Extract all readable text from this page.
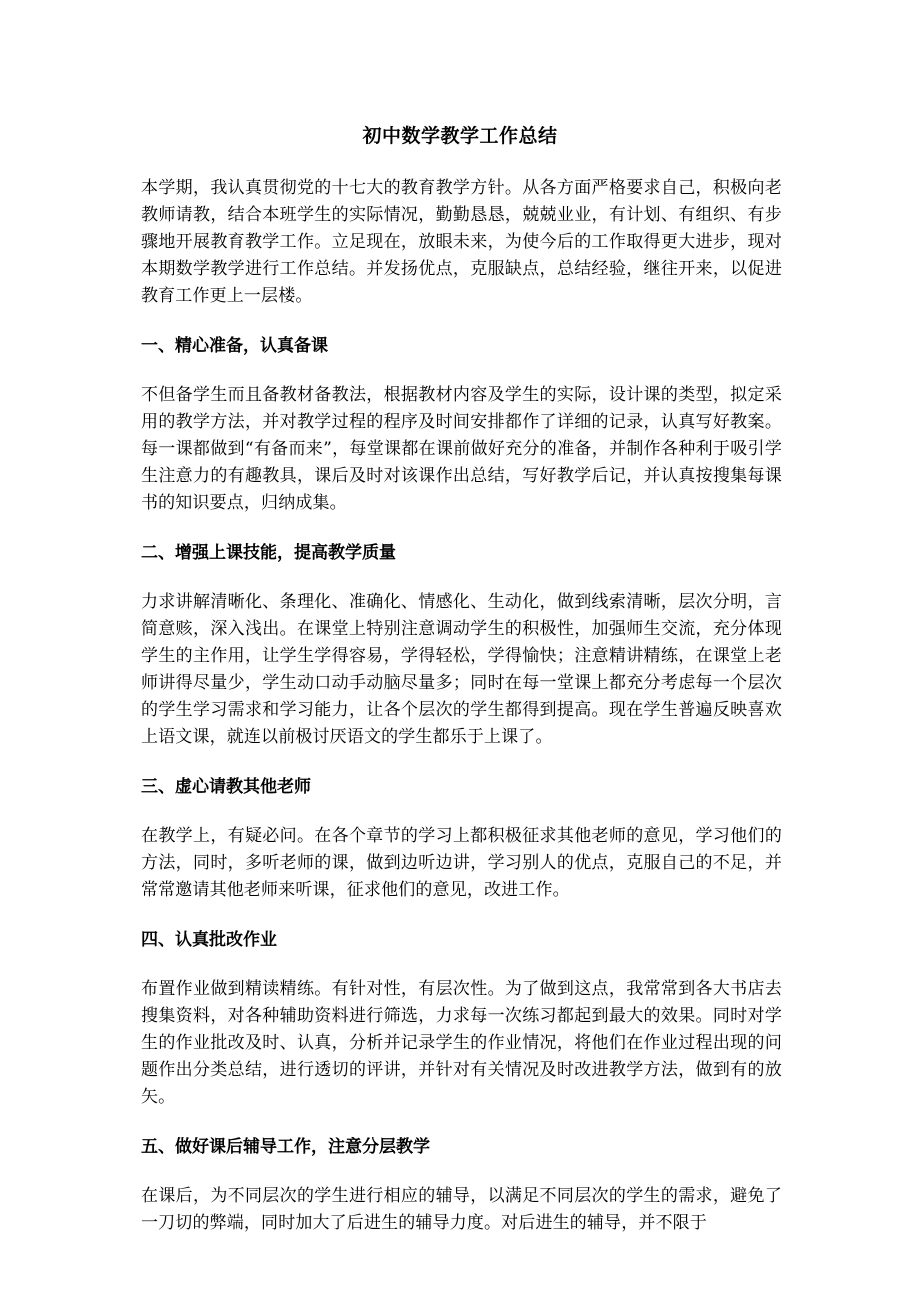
初中数学教学工作总结

本学期，我认真贯彻党的十七大的教育教学方针。从各方面严格要求自己，积极向老教师请教，结合本班学生的实际情况，勤勤恳恳，兢兢业业，有计划、有组织、有步骤地开展教育教学工作。立足现在，放眼未来，为使今后的工作取得更大进步，现对本期数学教学进行工作总结。并发扬优点，克服缺点，总结经验，继往开来，以促进教育工作更上一层楼。

一、精心准备，认真备课

不但备学生而且备教材备教法，根据教材内容及学生的实际，设计课的类型，拟定采用的教学方法，并对教学过程的程序及时间安排都作了详细的记录，认真写好教案。每一课都做到“有备而来”，每堂课都在课前做好充分的准备，并制作各种利于吸引学生注意力的有趣教具，课后及时对该课作出总结，写好教学后记，并认真按搜集每课书的知识要点，归纳成集。

二、增强上课技能，提高教学质量

力求讲解清晰化、条理化、准确化、情感化、生动化，做到线索清晰，层次分明，言简意赅，深入浅出。在课堂上特别注意调动学生的积极性，加强师生交流，充分体现学生的主作用，让学生学得容易，学得轻松，学得愉快；注意精讲精练，在课堂上老师讲得尽量少，学生动口动手动脑尽量多；同时在每一堂课上都充分考虑每一个层次的学生学习需求和学习能力，让各个层次的学生都得到提高。现在学生普遍反映喜欢上语文课，就连以前极讨厌语文的学生都乐于上课了。

三、虚心请教其他老师

在教学上，有疑必问。在各个章节的学习上都积极征求其他老师的意见，学习他们的方法，同时，多听老师的课，做到边听边讲，学习别人的优点，克服自己的不足，并常常邀请其他老师来听课，征求他们的意见，改进工作。

四、认真批改作业

布置作业做到精读精练。有针对性，有层次性。为了做到这点，我常常到各大书店去搜集资料，对各种辅助资料进行筛选，力求每一次练习都起到最大的效果。同时对学生的作业批改及时、认真，分析并记录学生的作业情况，将他们在作业过程出现的问题作出分类总结，进行透切的评讲，并针对有关情况及时改进教学方法，做到有的放矢。

五、做好课后辅导工作，注意分层教学

在课后，为不同层次的学生进行相应的辅导，以满足不同层次的学生的需求，避免了一刀切的弊端，同时加大了后进生的辅导力度。对后进生的辅导，并不限于
